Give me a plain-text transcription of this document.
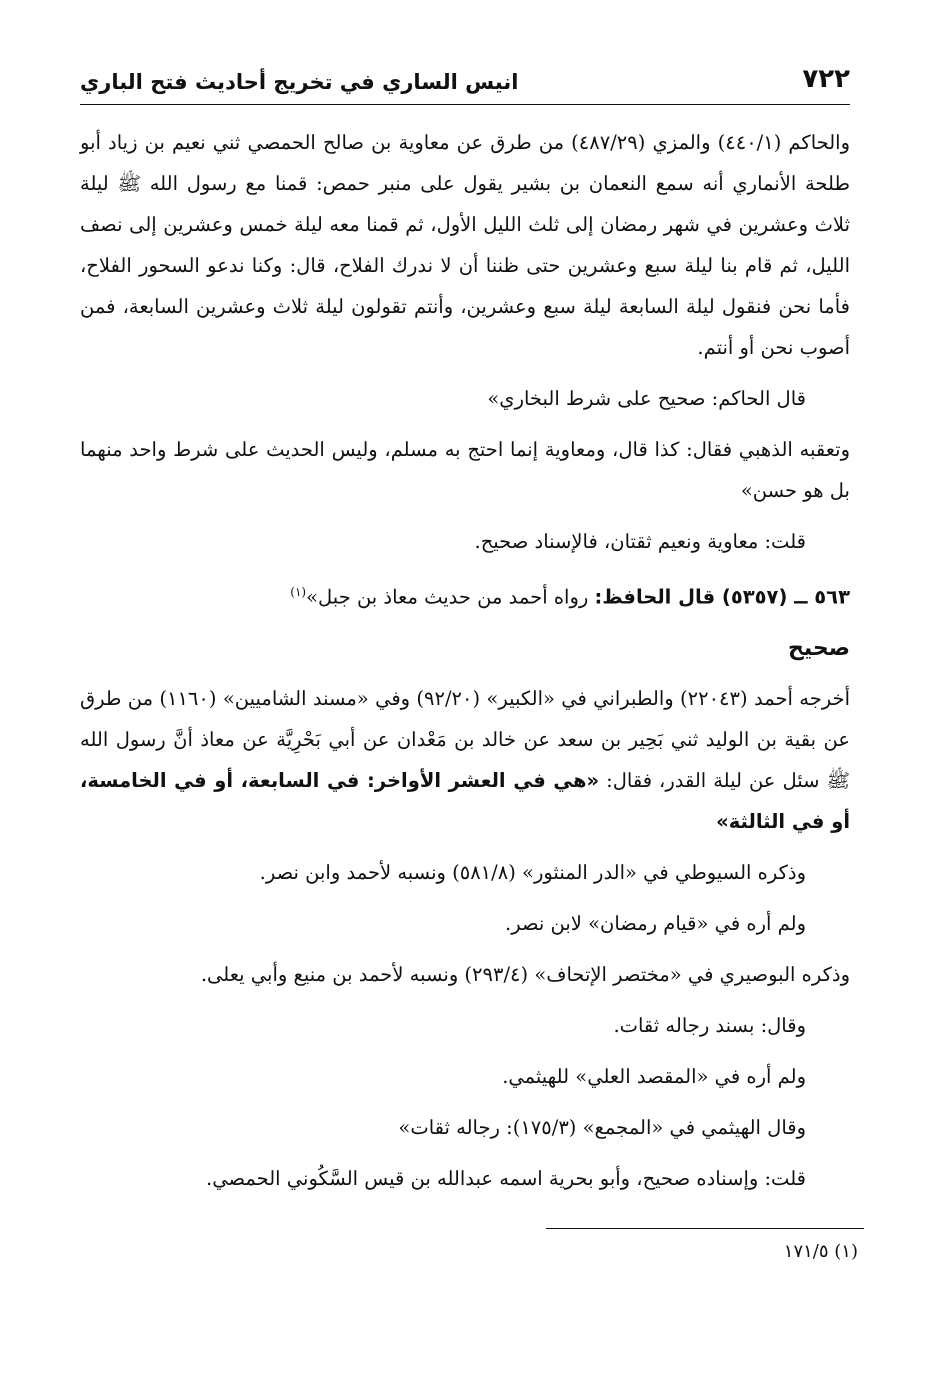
٧٢٢
انيس الساري في تخريج أحاديث فتح الباري

والحاكم (٤٤٠/١) والمزي (٤٨٧/٢٩) من طرق عن معاوية بن صالح الحمصي ثني نعيم بن زياد أبو طلحة الأنماري أنه سمع النعمان بن بشير يقول على منبر حمص: قمنا مع رسول الله ﷺ ليلة ثلاث وعشرين في شهر رمضان إلى ثلث الليل الأول، ثم قمنا معه ليلة خمس وعشرين إلى نصف الليل، ثم قام بنا ليلة سبع وعشرين حتى ظننا أن لا ندرك الفلاح، قال: وكنا ندعو السحور الفلاح، فأما نحن فنقول ليلة السابعة ليلة سبع وعشرين، وأنتم تقولون ليلة ثلاث وعشرين السابعة، فمن أصوب نحن أو أنتم.

قال الحاكم: صحيح على شرط البخاري»

وتعقبه الذهبي فقال: كذا قال، ومعاوية إنما احتج به مسلم، وليس الحديث على شرط واحد منهما بل هو حسن»

قلت: معاوية ونعيم ثقتان، فالإسناد صحيح.

٥٦٣ ــ (٥٣٥٧) قال الحافظ: رواه أحمد من حديث معاذ بن جبل»$^{(١)}$

صحيح

أخرجه أحمد (٢٢٠٤٣) والطبراني في «الكبير» (٩٢/٢٠) وفي «مسند الشاميين» (١١٦٠) من طرق عن بقية بن الوليد ثني بَحِير بن سعد عن خالد بن مَعْدان عن أبي بَحْرِيَّة عن معاذ أنَّ رسول الله ﷺ سئل عن ليلة القدر، فقال: «هي في العشر الأواخر: في السابعة، أو في الخامسة، أو في الثالثة»

وذكره السيوطي في «الدر المنثور» (٥٨١/٨) ونسبه لأحمد وابن نصر.

ولم أره في «قيام رمضان» لابن نصر.

وذكره البوصيري في «مختصر الإتحاف» (٢٩٣/٤) ونسبه لأحمد بن منيع وأبي يعلى.

وقال: بسند رجاله ثقات.

ولم أره في «المقصد العلي» للهيثمي.

وقال الهيثمي في «المجمع» (١٧٥/٣): رجاله ثقات»

قلت: وإسناده صحيح، وأبو بحرية اسمه عبدالله بن قيس السَّكُوني الحمصي.

(١) ١٧١/٥
